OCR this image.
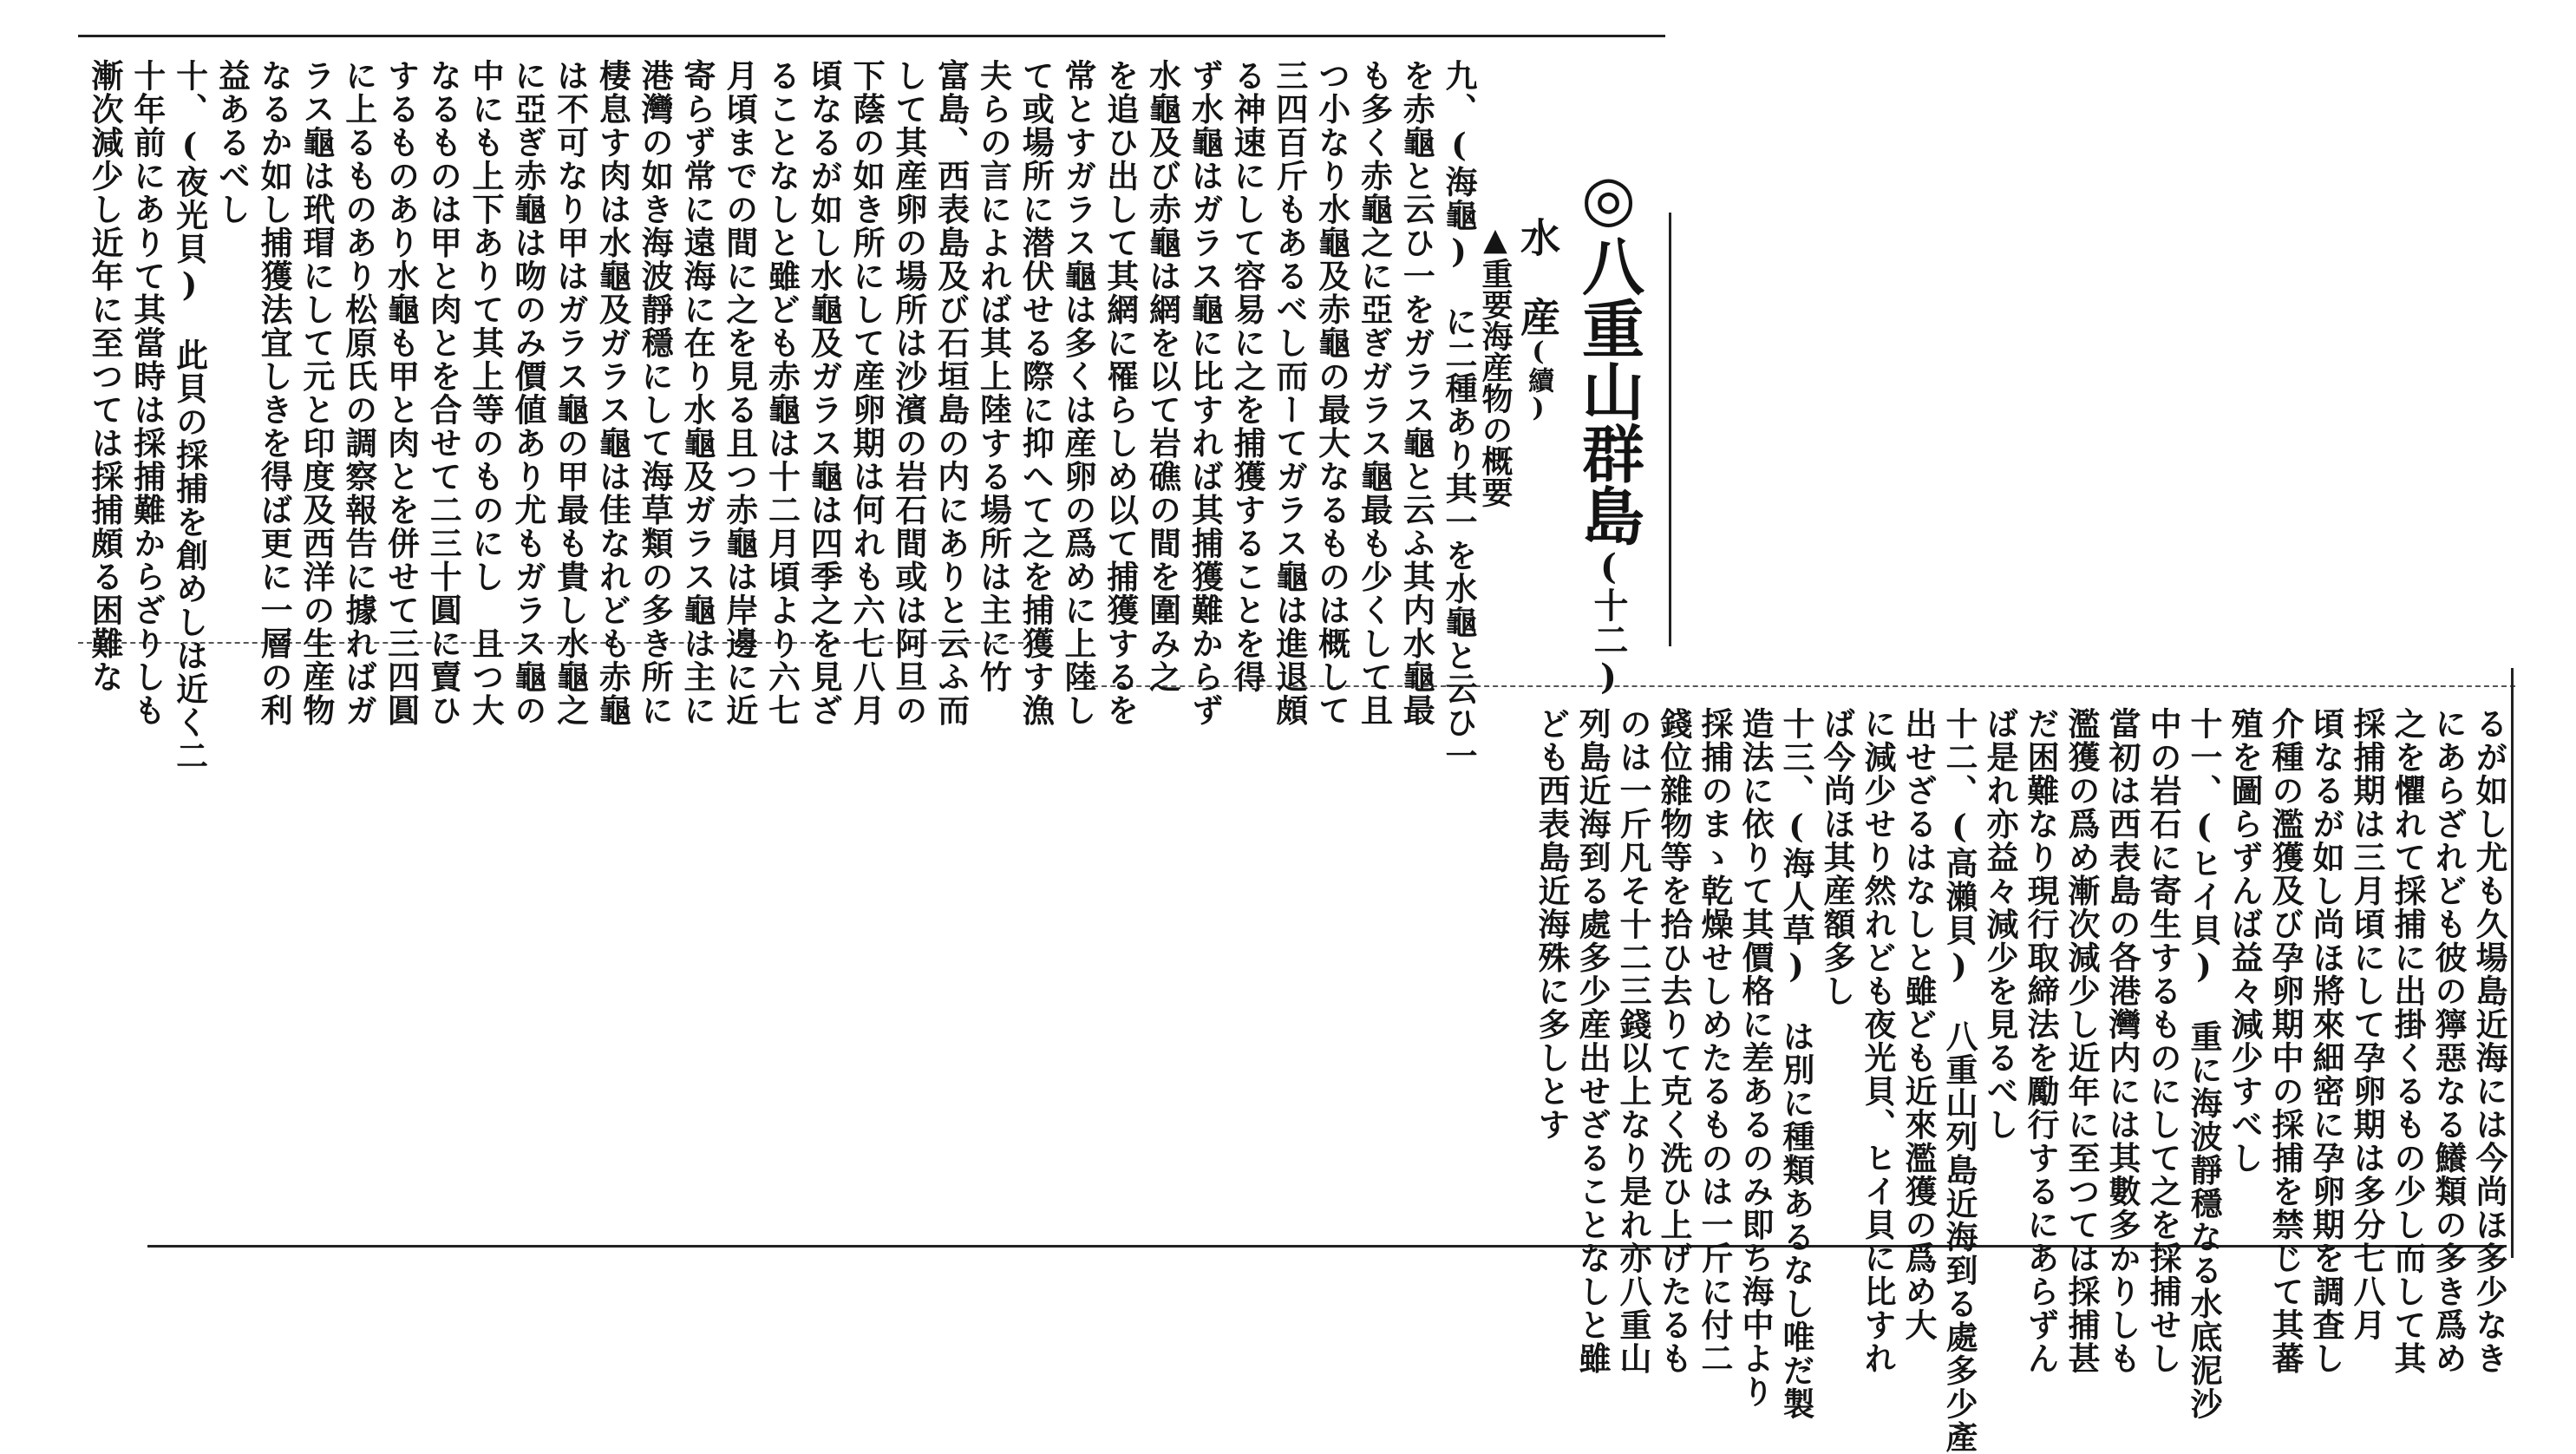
◎八重山群島(十二)
水　産(續)
▲重要海産物の概要
九、(海龜)　に二種あり其一を水龜と云ひ一
を赤龜と云ひ一をガラス龜と云ふ其内水龜最
も多く赤龜之に亞ぎガラス龜最も少くして且
つ小なり水龜及赤龜の最大なるものは概して
三四百斤もあるべし而ーてガラス龜は進退頗
る神速にして容易に之を捕獲することを得
ず水龜はガラス龜に比すれば其捕獲難からず
水龜及び赤龜は網を以て岩礁の間を圍み之
を追ひ出して其網に罹らしめ以て捕獲するを
常とすガラス龜は多くは産卵の爲めに上陸し
て或場所に潜伏せる際に抑へて之を捕獲す漁
夫らの言によれば其上陸する場所は主に竹
富島、西表島及び石垣島の内にありと云ふ而
して其産卵の場所は沙濱の岩石間或は阿旦の
下蔭の如き所にして産卵期は何れも六七八月
頃なるが如し水龜及ガラス龜は四季之を見ざ
ることなしと雖ども赤龜は十二月頃より六七
月頃までの間に之を見る且つ赤龜は岸邊に近
寄らず常に遠海に在り水龜及ガラス龜は主に
港灣の如き海波靜穩にして海草類の多き所に
棲息す肉は水龜及ガラス龜は佳なれども赤龜
は不可なり甲はガラス龜の甲最も貴し水龜之
に亞ぎ赤龜は吻のみ價値あり尤もガラス龜の
中にも上下ありて其上等のものにし　且つ大
なるものは甲と肉とを合せて二三十圓に賣ひ
するものあり水龜も甲と肉とを併せて三四圓
に上るものあり松原氏の調察報告に據ればガ
ラス龜は玳瑁にして元と印度及西洋の生産物
なるか如し捕獲法宜しきを得ば更に一層の利
益あるべし
十、(夜光貝)　此貝の採捕を創めしは近く二
十年前にありて其當時は採捕難からざりしも
漸次減少し近年に至つては採捕頗る困難な
るが如し尤も久場島近海には今尚ほ多少なき
にあらざれども彼の獰惡なる鱶類の多き爲め
之を懼れて採捕に出掛くるもの少し而して其
採捕期は三月頃にして孕卵期は多分七八月
頃なるが如し尚ほ將來細密に孕卵期を調査し
介種の濫獲及び孕卵期中の採捕を禁じて其蕃
殖を圖らずんば益々減少すべし
十一、(ヒイ貝)　重に海波靜穩なる水底泥沙
中の岩石に寄生するものにして之を採捕せし
當初は西表島の各港灣内には其數多かりしも
濫獲の爲め漸次減少し近年に至つては採捕甚
だ困難なり現行取締法を勵行するにあらずん
ば是れ亦益々減少を見るべし
十二、(高瀨貝)　八重山列島近海到る處多少產
出せざるはなしと雖ども近來濫獲の爲め大
に減少せり然れども夜光貝、ヒイ貝に比すれ
ば今尚ほ其産額多し
十三、(海人草)　は別に種類あるなし唯だ製
造法に依りて其價格に差あるのみ即ち海中より
採捕のまゝ乾燥せしめたるものは一斤に付二
錢位雜物等を拾ひ去りて克く洗ひ上げたるも
のは一斤凡そ十二三錢以上なり是れ亦八重山
列島近海到る處多少産出せざることなしと雖
ども西表島近海殊に多しとす
